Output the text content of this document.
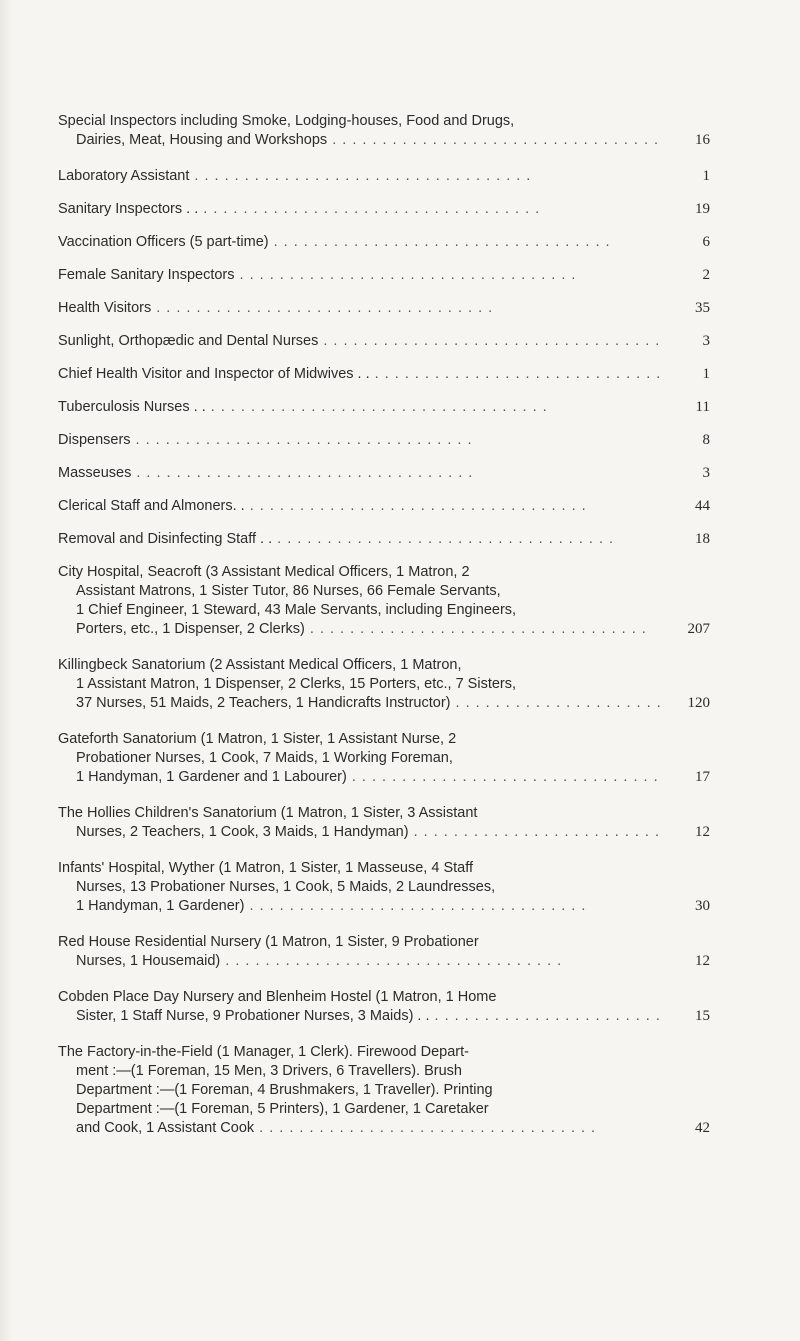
Special Inspectors including Smoke, Lodging-houses, Food and Drugs,
Dairies, Meat, Housing and Workshops . .	16
Laboratory Assistant . .	1
Sanitary Inspectors . . . .	19
Vaccination Officers (5 part-time) . .	6
Female Sanitary Inspectors . .	2
Health Visitors . .	35
Sunlight, Orthopædic and Dental Nurses . .	3
Chief Health Visitor and Inspector of Midwives . . . .	1
Tuberculosis Nurses . . . .	11
Dispensers . .	8
Masseuses . .	3
Clerical Staff and Almoners. . . .	44
Removal and Disinfecting Staff . . . .	18
City Hospital, Seacroft (3 Assistant Medical Officers, 1 Matron, 2
Assistant Matrons, 1 Sister Tutor, 86 Nurses, 66 Female Servants,
1 Chief Engineer, 1 Steward, 43 Male Servants, including Engineers,
Porters, etc., 1 Dispenser, 2 Clerks) . .	207
Killingbeck Sanatorium (2 Assistant Medical Officers, 1 Matron,
1 Assistant Matron, 1 Dispenser, 2 Clerks, 15 Porters, etc., 7 Sisters,
37 Nurses, 51 Maids, 2 Teachers, 1 Handicrafts Instructor) . .	120
Gateforth Sanatorium (1 Matron, 1 Sister, 1 Assistant Nurse, 2
Probationer Nurses, 1 Cook, 7 Maids, 1 Working Foreman,
1 Handyman, 1 Gardener and 1 Labourer) . .	17
The Hollies Children's Sanatorium (1 Matron, 1 Sister, 3 Assistant
Nurses, 2 Teachers, 1 Cook, 3 Maids, 1 Handyman) . .	12
Infants' Hospital, Wyther (1 Matron, 1 Sister, 1 Masseuse, 4 Staff
Nurses, 13 Probationer Nurses, 1 Cook, 5 Maids, 2 Laundresses,
1 Handyman, 1 Gardener) . .	30
Red House Residential Nursery (1 Matron, 1 Sister, 9 Probationer
Nurses, 1 Housemaid) . .	12
Cobden Place Day Nursery and Blenheim Hostel (1 Matron, 1 Home
Sister, 1 Staff Nurse, 9 Probationer Nurses, 3 Maids) . . . .	15
The Factory-in-the-Field (1 Manager, 1 Clerk). Firewood Depart-
ment :—(1 Foreman, 15 Men, 3 Drivers, 6 Travellers). Brush
Department :—(1 Foreman, 4 Brushmakers, 1 Traveller). Printing
Department :—(1 Foreman, 5 Printers), 1 Gardener, 1 Caretaker
and Cook, 1 Assistant Cook . .	42
